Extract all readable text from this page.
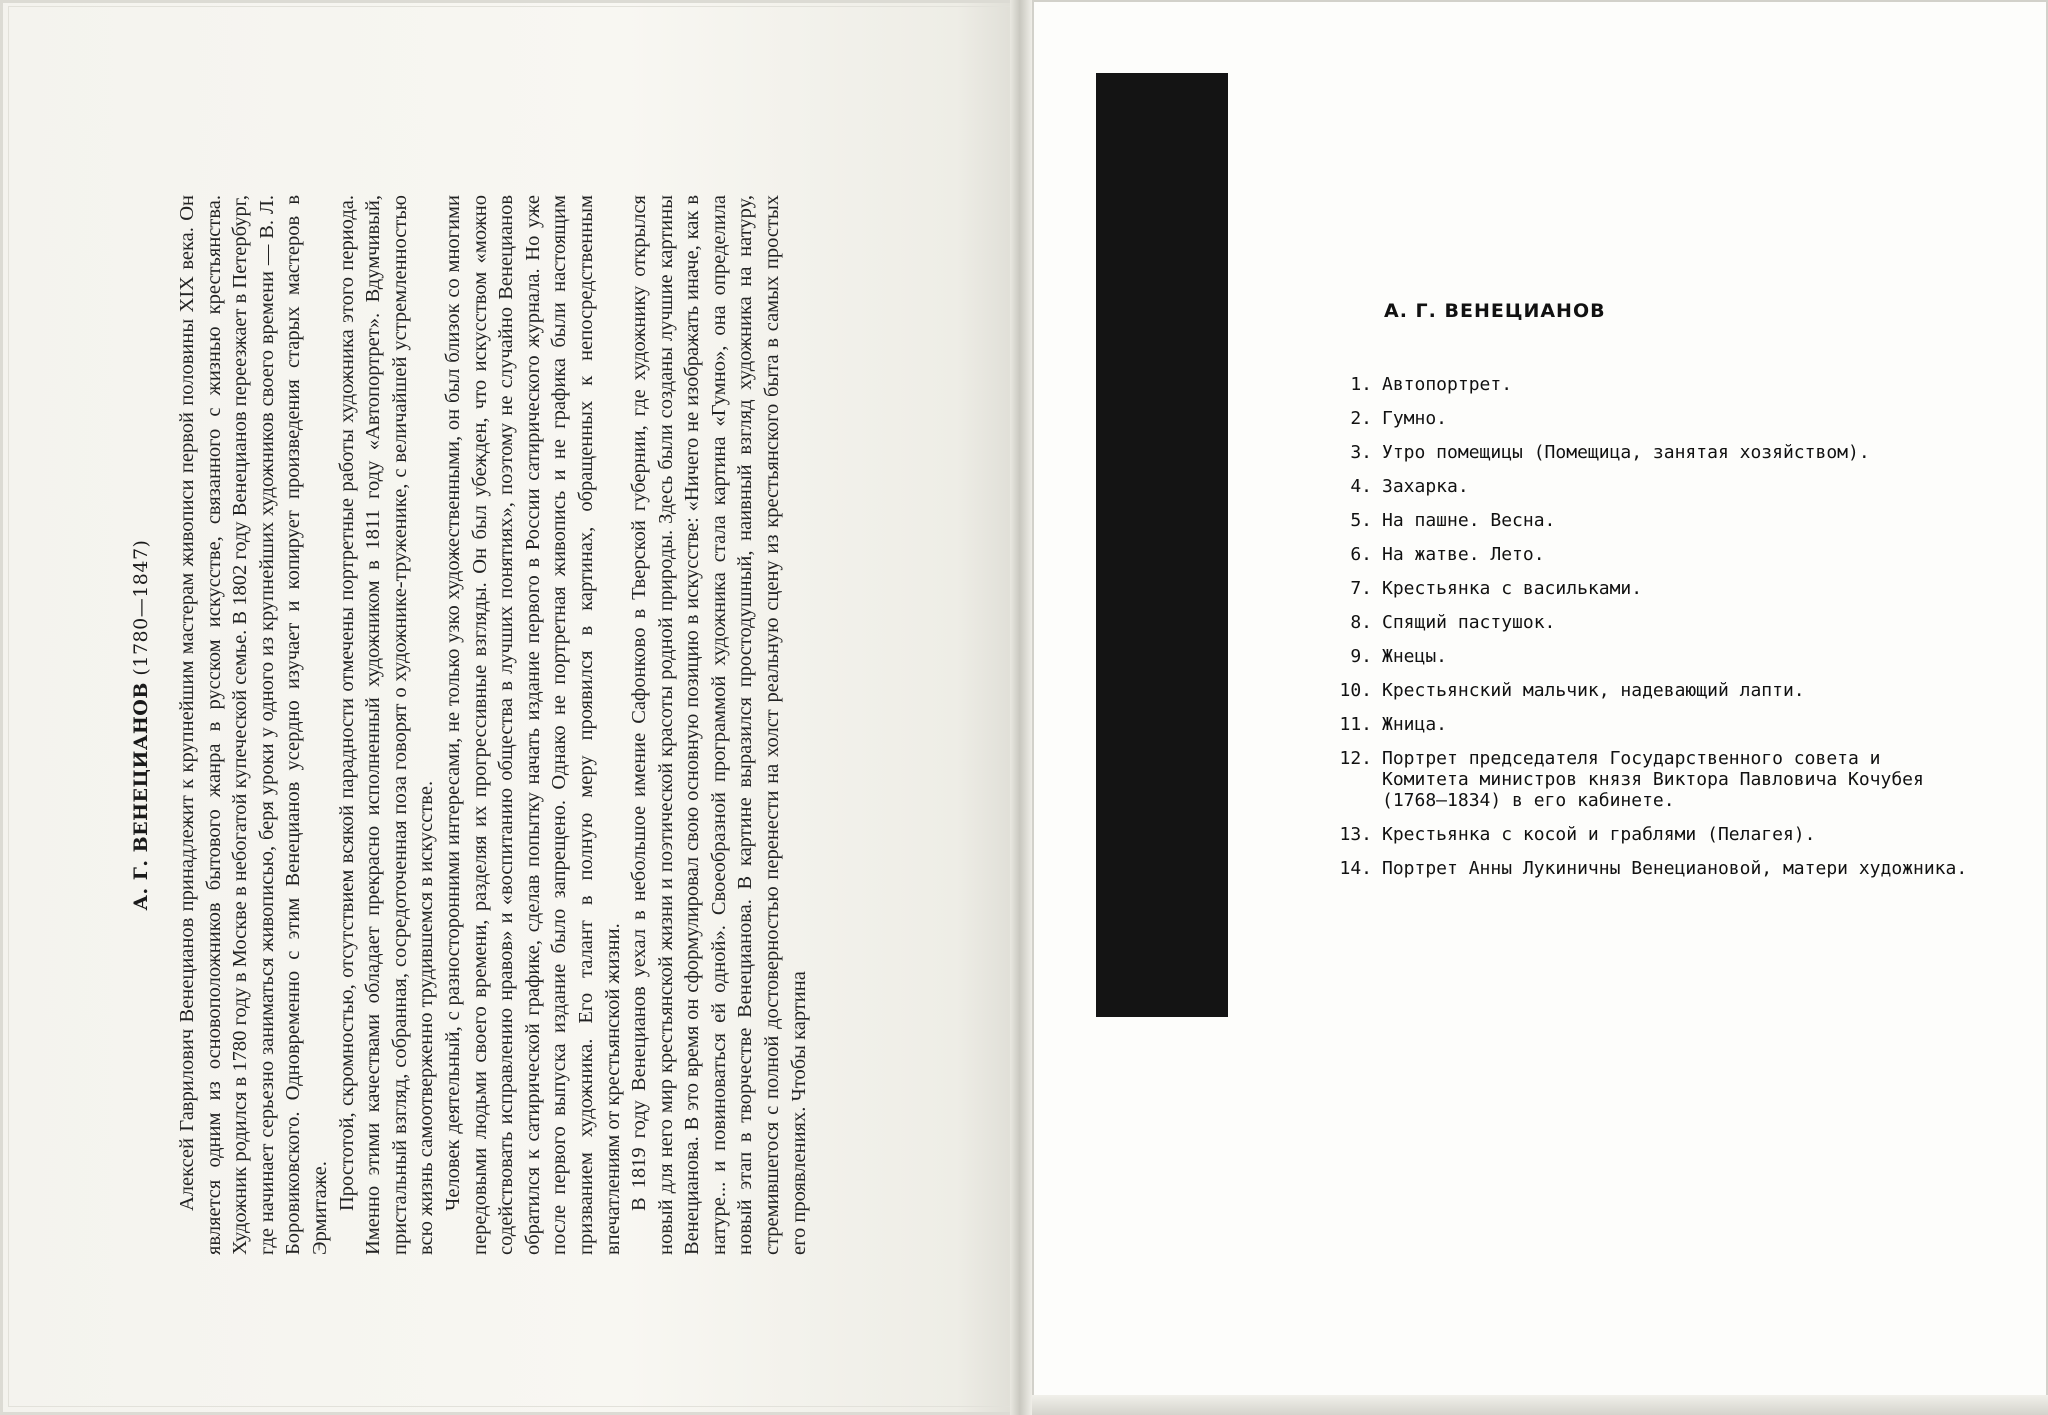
А. Г. ВЕНЕЦИАНОВ (1780—1847) Алексей Гаврилович Венецианов принадлежит к крупнейшим мастерам живописи первой половины XIX века. Он является одним из основоположников бытового жанра в русском искусстве, связанного с жизнью крестьянства. Художник родился в 1780 году в Москве в небогатой купеческой семье. В 1802 году Венецианов переезжает в Петербург, где начинает серьезно заниматься живописью, беря уроки у одного из крупнейших художников своего времени — В. Л. Боровиковского. Одновременно с этим Венецианов усердно изучает и копирует произведения старых мастеров в Эрмитаже. Простотой, скромностью, отсутствием всякой парадности отмечены портретные работы художника этого периода. Именно этими качествами обладает прекрасно исполненный художником в 1811 году «Автопортрет». Вдумчивый, пристальный взгляд, собранная, сосредоточенная поза говорят о художнике-труженике, с величайшей устремленностью всю жизнь самоотверженно трудившемся в искусстве. Человек деятельный, с разносторонними интересами, не только узко художественными, он был близок со многими передовыми людьми своего времени, разделяя их прогрессивные взгляды. Он был убежден, что искусством «можно содействовать исправлению нравов» и «воспитанию общества в лучших понятиях», поэтому не случайно Венецианов обратился к сатирической графике, сделав попытку начать издание первого в России сатирического журнала. Но уже после первого выпуска издание было запрещено. Однако не портретная живопись и не графика были настоящим призванием художника. Его талант в полную меру проявился в картинах, обращенных к непосредственным впечатлениям от крестьянской жизни. В 1819 году Венецианов уехал в небольшое имение Сафонково в Тверской губернии, где художнику открылся новый для него мир крестьянской жизни и поэтической красоты родной природы. Здесь были созданы лучшие картины Венецианова. В это время он сформулировал свою основную позицию в искусстве: «Ничего не изображать иначе, как в натуре... и повиноваться ей одной». Своеобразной программой художника стала картина «Гумно», она определила новый этап в творчестве Венецианова. В картине выразился простодушный, наивный взгляд художника на натуру, стремившегося с полной достоверностью перенести на холст реальную сцену из крестьянского быта в самых простых его проявлениях. Чтобы картина

А. Г. ВЕНЕЦИАНОВ
1. Автопортрет.
2. Гумно.
3. Утро помещицы (Помещица, занятая хозяйством).
4. Захарка.
5. На пашне. Весна.
6. На жатве. Лето.
7. Крестьянка с васильками.
8. Спящий пастушок.
9. Жнецы.
10. Крестьянский мальчик, надевающий лапти.
11. Жница.
12. Портрет председателя Государственного совета и Комитета министров князя Виктора Павловича Кочубея (1768—1834) в его кабинете.
13. Крестьянка с косой и граблями (Пелагея).
14. Портрет Анны Лукиничны Венециановой, матери художника.
